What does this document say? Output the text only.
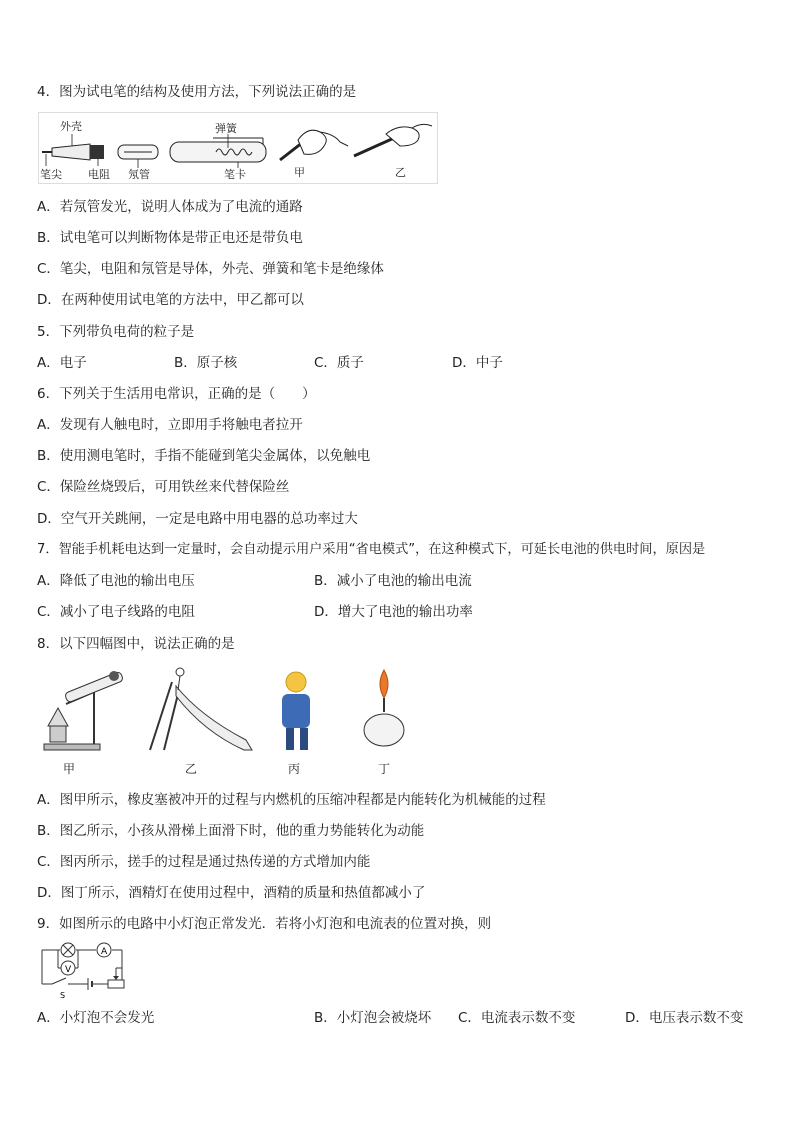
4．图为试电笔的结构及使用方法，下列说法正确的是
外壳	弹簧
笔尖 电阻 氖管	笔卡	甲	乙
A．若氖管发光，说明人体成为了电流的通路
B．试电笔可以判断物体是带正电还是带负电
C．笔尖，电阻和氖管是导体，外壳、弹簧和笔卡是绝缘体
D．在两种使用试电笔的方法中，甲乙都可以
5．下列带负电荷的粒子是
A．电子	B．原子核	C．质子	D．中子
6．下列关于生活用电常识，正确的是（　　）
A．发现有人触电时，立即用手将触电者拉开
B．使用测电笔时，手指不能碰到笔尖金属体，以免触电
C．保险丝烧毁后，可用铁丝来代替保险丝
D．空气开关跳闸，一定是电路中用电器的总功率过大
7．智能手机耗电达到一定量时，会自动提示用户采用“省电模式”，在这种模式下，可延长电池的供电时间，原因是
A．降低了电池的输出电压	B．减小了电池的输出电流
C．减小了电子线路的电阻	D．增大了电池的输出功率
8．以下四幅图中，说法正确的是
甲	乙	丙	丁
A．图甲所示，橡皮塞被冲开的过程与内燃机的压缩冲程都是内能转化为机械能的过程
B．图乙所示，小孩从滑梯上面滑下时，他的重力势能转化为动能
C．图丙所示，搓手的过程是通过热传递的方式增加内能
D．图丁所示，酒精灯在使用过程中，酒精的质量和热值都减小了
9．如图所示的电路中小灯泡正常发光．若将小灯泡和电流表的位置对换，则
A
V
S
A．小灯泡不会发光	B．小灯泡会被烧坏 C．电流表示数不变	D．电压表示数不变
